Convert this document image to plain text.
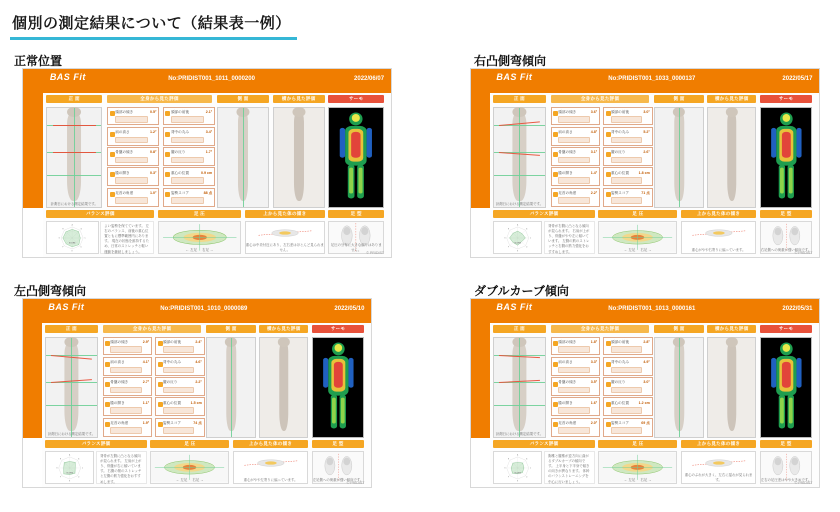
個別の測定結果について（結果表一例）
正常位置
BAS Fit	No:PRIDIST001_1011_0000200	2022/06/07
正 面	全身から見た評価	側 面	横から見た評価	サーモ
計測日における測定結果です。
頭部の傾き	0.5°
肩の高さ	1.2°
骨盤の傾き	0.8°
膝の開き	0.3°
足首の角度	1.0°
頭部の前後	2.1°
背中の丸み	3.4°
腰の反り	1.7°
重心の位置	0.9 cm
姿勢スコア	88 点
バランス評価	足 圧	上から見た体の傾き	足 型
A
B
C
D
E
F
G
H
SCORE
よい姿勢を保てています。 左右のバランス、前後の重心位置ともに標準範囲内にあります。 現在の状態を維持するため、日常のストレッチと軽い運動を継続しましょう。	← 左足 　 右足 →
重心は中央付近にあり、左右差はほとんど見られません。
足圧の分布に大きな偏りはありません。
© PRIDIST
右凸側弯傾向
BAS Fit	No:PRIDIST001_1033_0000137	2022/05/17
正 面	全身から見た評価	側 面	横から見た評価	サーモ
計測日における測定結果です。
頭部の傾き	3.6°
肩の高さ	4.8°
骨盤の傾き	3.1°
膝の開き	1.4°
足首の角度	2.2°
頭部の前後	3.0°
背中の丸み	5.2°
腰の反り	2.6°
重心の位置	1.8 cm
姿勢スコア	71 点
バランス評価	足 圧	上から見た体の傾き	足 型
A
B
C
D
E
F
G
H
SCORE
背骨が右側に凸となる傾向が見られます。 右肩が上がり、骨盤がやや左に傾いています。 左側の筋のストレッチと右側の筋力強化をおすすめします。	← 左足 　 右足 →	重心がやや右寄りに偏っています。	右足側への荷重が強い傾向です。
© PRIDIST
左凸側弯傾向
BAS Fit	No:PRIDIST001_1010_0000089	2022/05/10
正 面	全身から見た評価	側 面	横から見た評価	サーモ
計測日における測定結果です。
頭部の傾き	2.9°
肩の高さ	4.1°
骨盤の傾き	2.7°
膝の開き	1.1°
足首の角度	1.9°
頭部の前後	2.4°
背中の丸み	4.6°
腰の反り	2.2°
重心の位置	1.5 cm
姿勢スコア	74 点
バランス評価	足 圧	上から見た体の傾き	足 型
A
B
C
D
E
F
G
H
SCORE
背骨が左側に凸となる傾向が見られます。 左肩が上がり、骨盤が右に傾いています。 右側の筋のストレッチと左側の筋力強化をおすすめします。	← 左足 　 右足 →	重心がやや左寄りに偏っています。	左足側への荷重が強い傾向です。
© PRIDIST
ダブルカーブ傾向
BAS Fit	No:PRIDIST001_1013_0000161	2022/05/31
正 面	全身から見た評価	側 面	横から見た評価	サーモ
計測日における測定結果です。
頭部の傾き	1.8°
肩の高さ	3.3°
骨盤の傾き	3.5°
膝の開き	1.6°
足首の角度	2.0°
頭部の前後	2.8°
背中の丸み	4.9°
腰の反り	3.0°
重心の位置	1.2 cm
姿勢スコア	69 点
バランス評価	足 圧	上から見た体の傾き	足 型
A
B
C
D
E
F
G
H
SCORE
胸椎と腰椎が逆方向に曲がるダブルカーブの傾向です。 上半身と下半身で傾きの向きが異なります。 体幹のバランストレーニングを中心に行いましょう。	← 左足 　 右足 →
重心のぶれが大きく、左右に揺れが見られます。	左右の足圧差はやや大きめです。
© PRIDIST
